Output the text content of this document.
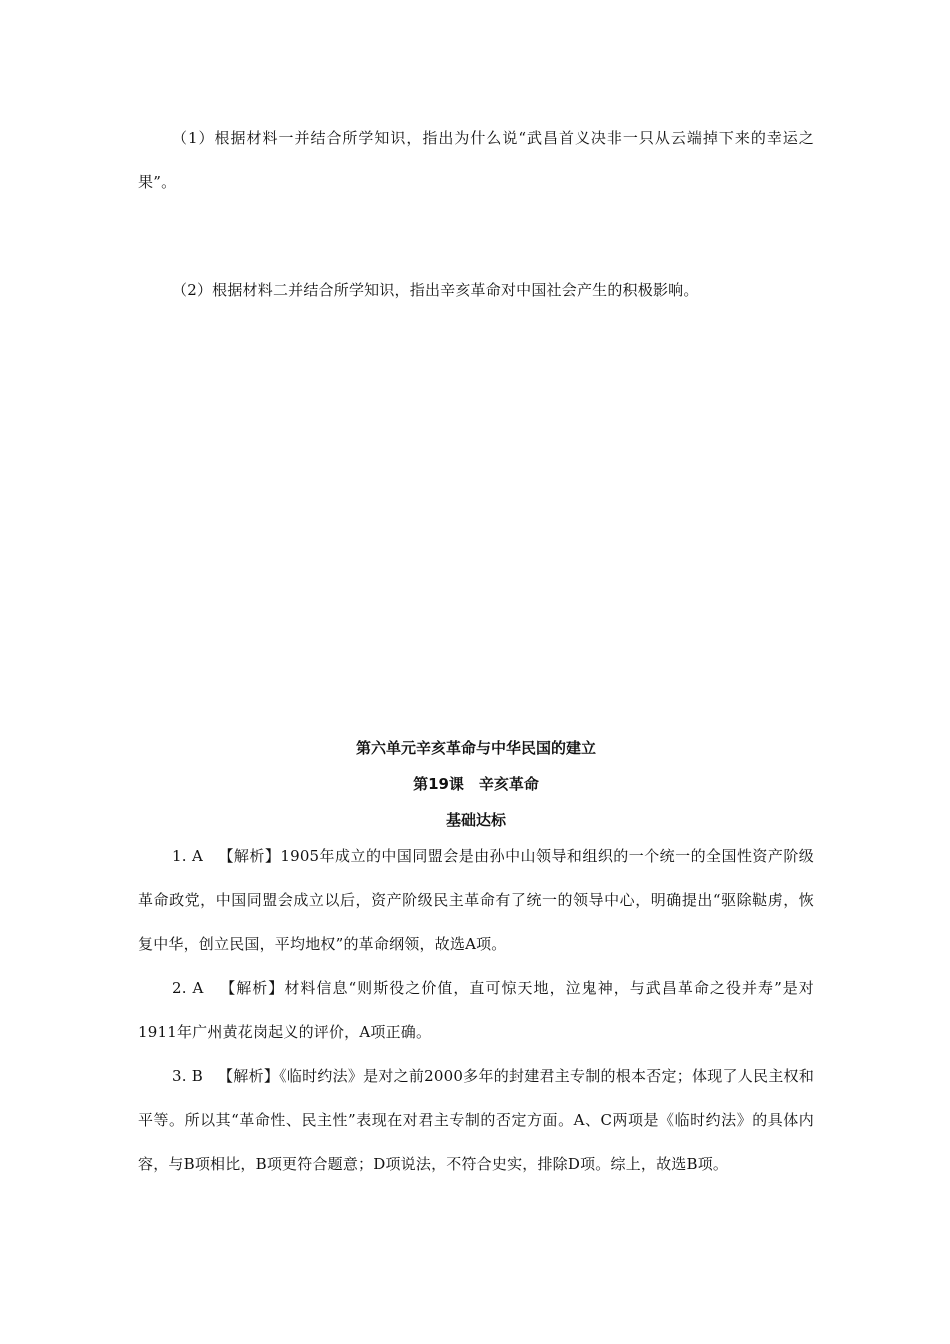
（1）根据材料一并结合所学知识，指出为什么说“武昌首义决非一只从云端掉下来的幸运之果”。

（2）根据材料二并结合所学知识，指出辛亥革命对中国社会产生的积极影响。

第六单元辛亥革命与中华民国的建立
第19课　辛亥革命
基础达标

1. A 【解析】1905年成立的中国同盟会是由孙中山领导和组织的一个统一的全国性资产阶级革命政党，中国同盟会成立以后，资产阶级民主革命有了统一的领导中心，明确提出“驱除鞑虏，恢复中华，创立民国，平均地权”的革命纲领，故选A项。

2. A 【解析】材料信息“则斯役之价值，直可惊天地，泣鬼神，与武昌革命之役并寿”是对1911年广州黄花岗起义的评价，A项正确。

3. B 【解析】《临时约法》是对之前2000多年的封建君主专制的根本否定；体现了人民主权和平等。所以其“革命性、民主性”表现在对君主专制的否定方面。A、C两项是《临时约法》的具体内容，与B项相比，B项更符合题意；D项说法，不符合史实，排除D项。综上，故选B项。
